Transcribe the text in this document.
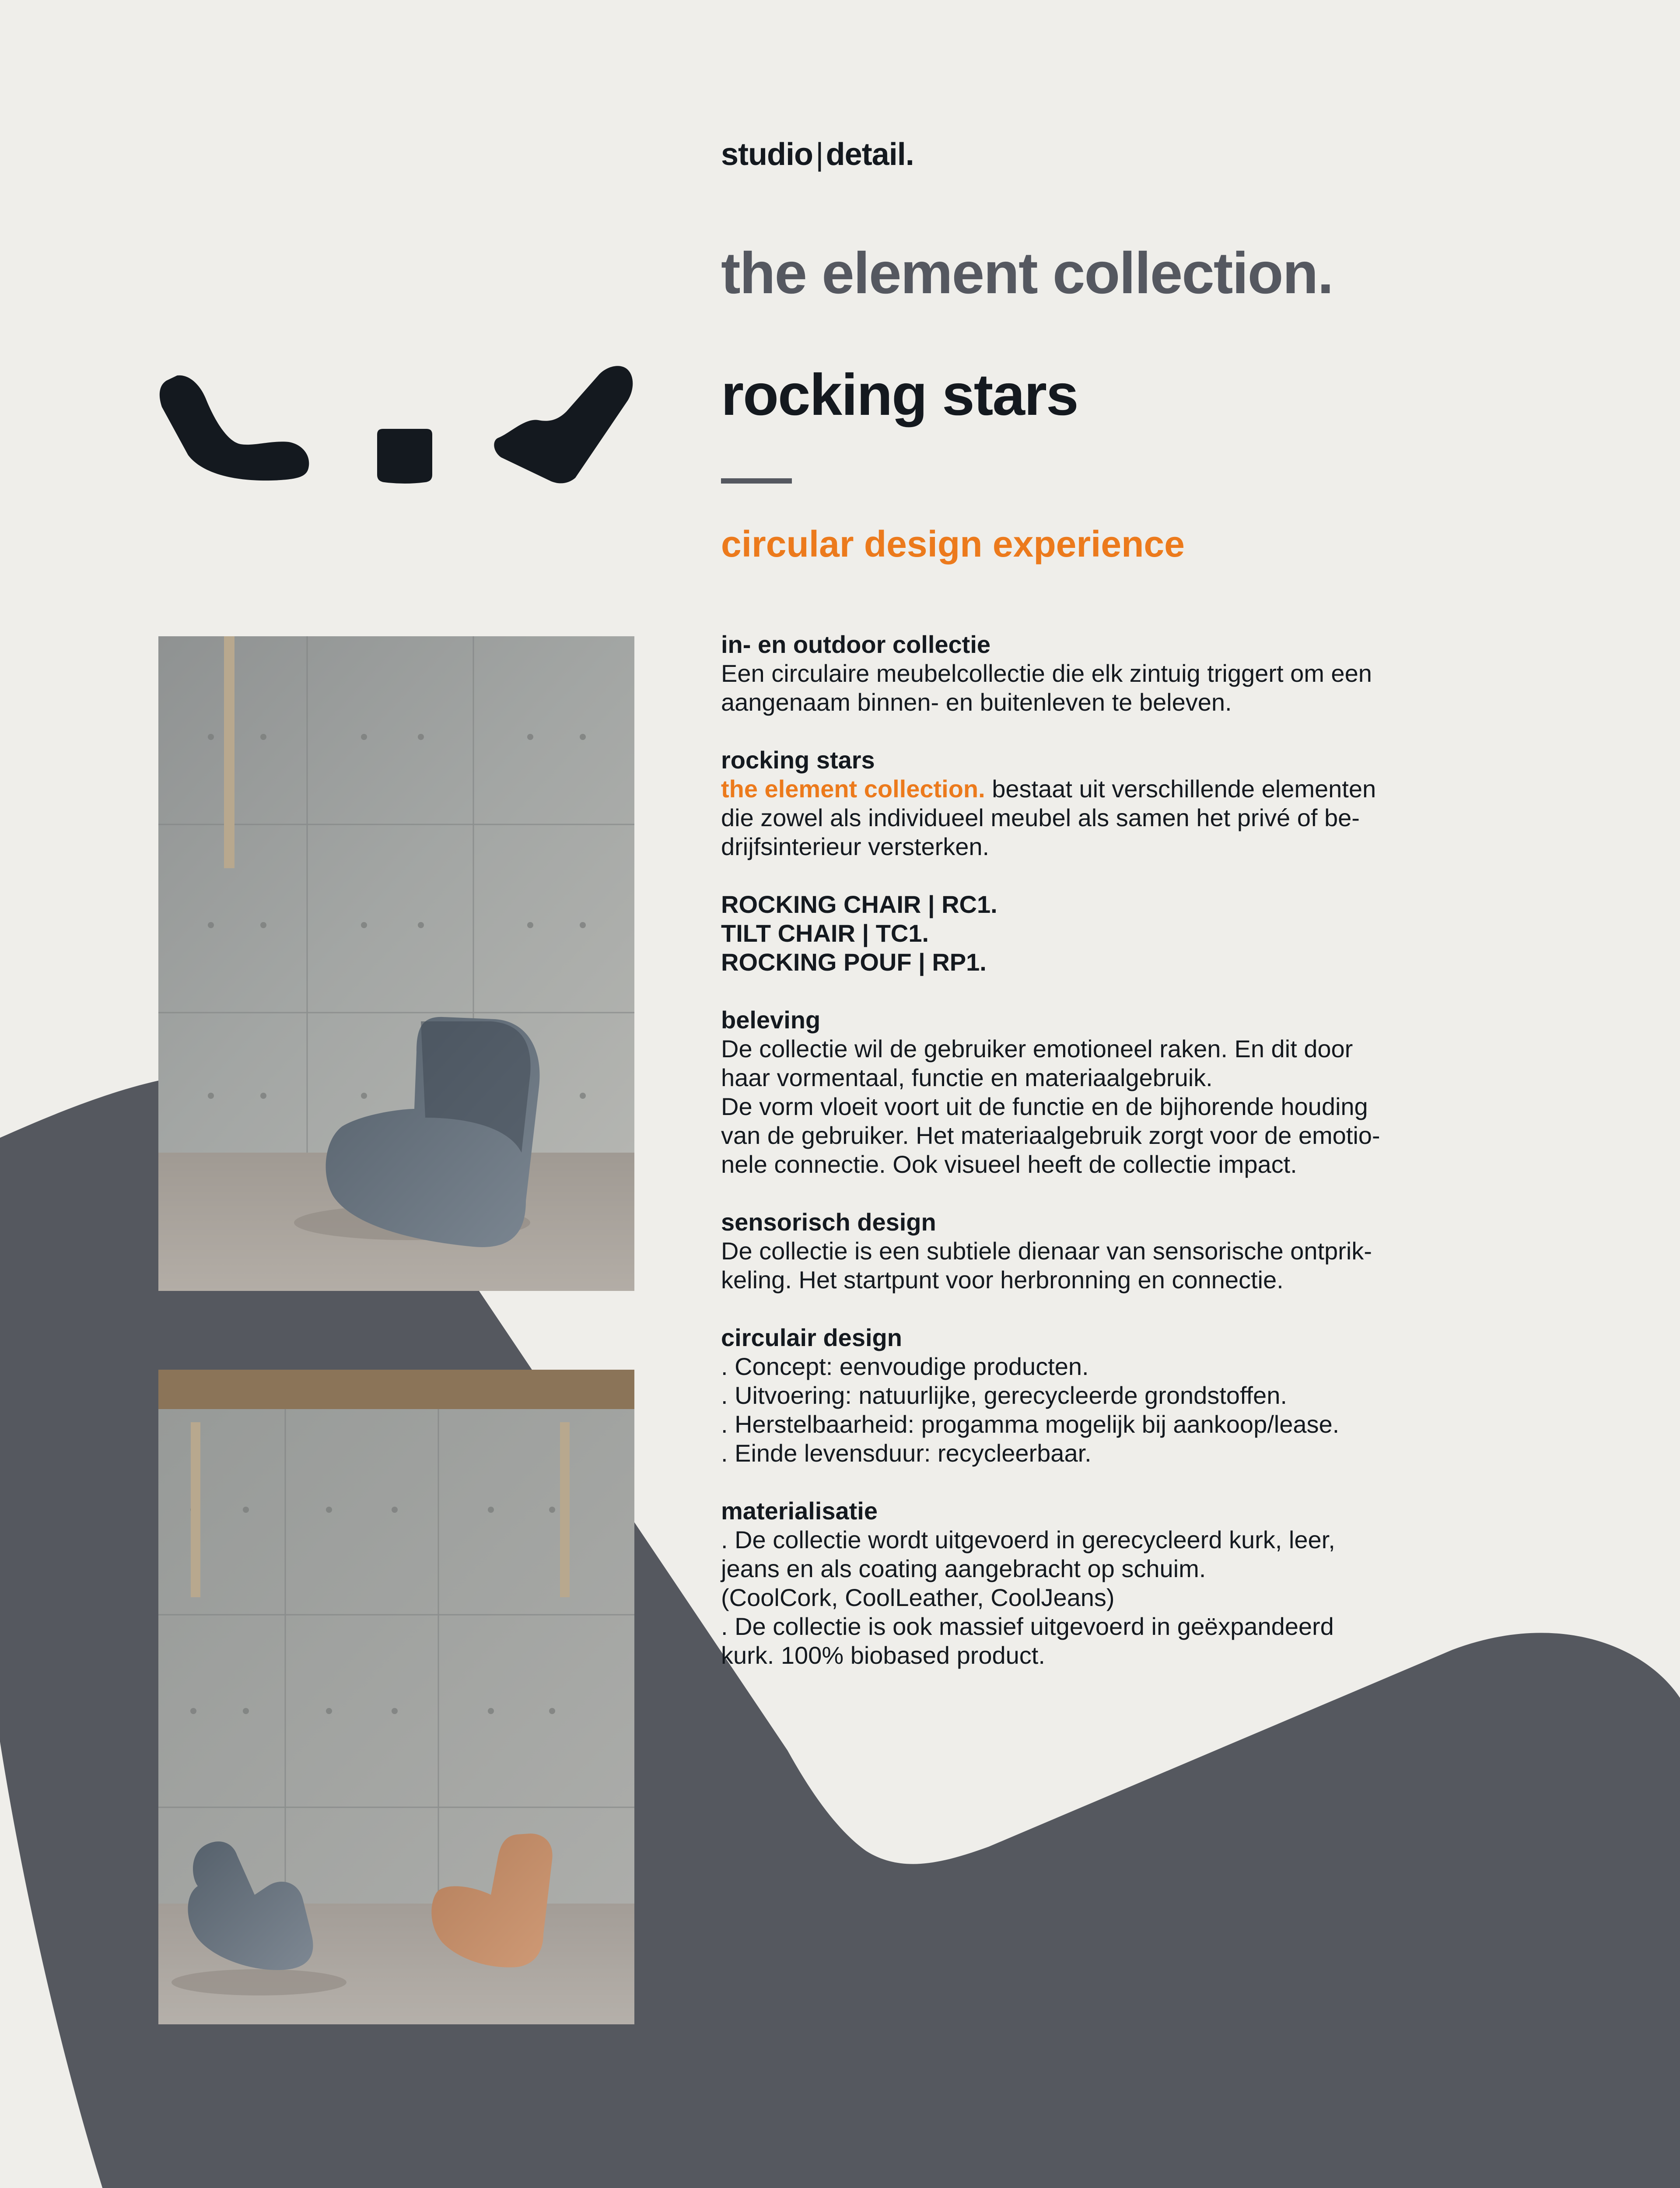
studio|detail.
the element collection.
rocking stars
circular design experience
in- en outdoor collectie
Een circulaire meubelcollectie die elk zintuig triggert om een
aangenaam binnen- en buitenleven te beleven.
rocking stars
the element collection. bestaat uit verschillende elementen
die zowel als individueel meubel als samen het privé of be-
drijfsinterieur versterken.
ROCKING CHAIR | RC1.
TILT CHAIR | TC1.
ROCKING POUF | RP1.
beleving
De collectie wil de gebruiker emotioneel raken. En dit door
haar vormentaal, functie en materiaalgebruik.
De vorm vloeit voort uit de functie en de bijhorende houding
van de gebruiker. Het materiaalgebruik zorgt voor de emotio-
nele connectie. Ook visueel heeft de collectie impact.
sensorisch design
De collectie is een subtiele dienaar van sensorische ontprik-
keling. Het startpunt voor herbronning en connectie.
circulair design
. Concept: eenvoudige producten.
. Uitvoering: natuurlijke, gerecycleerde grondstoffen.
. Herstelbaarheid: progamma mogelijk bij aankoop/lease.
. Einde levensduur: recycleerbaar.
materialisatie
. De collectie wordt uitgevoerd in gerecycleerd kurk, leer,
jeans en als coating aangebracht op schuim.
(CoolCork, CoolLeather, CoolJeans)
. De collectie is ook massief uitgevoerd in geëxpandeerd
kurk. 100% biobased product.
